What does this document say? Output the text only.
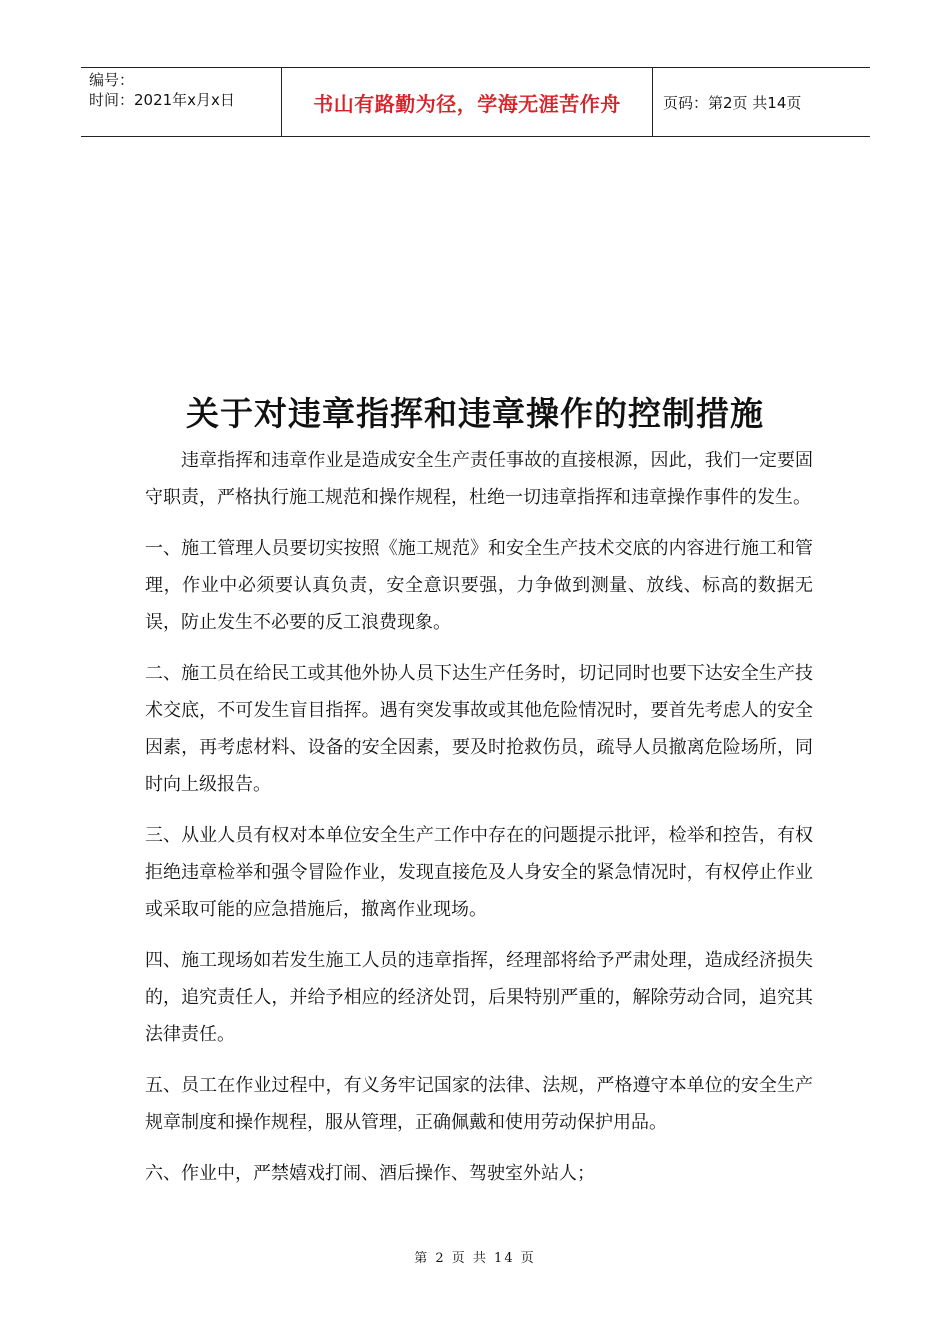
编号：
时间：2021年x月x日	书山有路勤为径，学海无涯苦作舟	页码：第2页 共14页
关于对违章指挥和违章操作的控制措施

违章指挥和违章作业是造成安全生产责任事故的直接根源，因此，我们一定要固守职责，严格执行施工规范和操作规程，杜绝一切违章指挥和违章操作事件的发生。

一、施工管理人员要切实按照《施工规范》和安全生产技术交底的内容进行施工和管理，作业中必须要认真负责，安全意识要强，力争做到测量、放线、标高的数据无误，防止发生不必要的反工浪费现象。

二、施工员在给民工或其他外协人员下达生产任务时，切记同时也要下达安全生产技术交底，不可发生盲目指挥。遇有突发事故或其他危险情况时，要首先考虑人的安全因素，再考虑材料、设备的安全因素，要及时抢救伤员，疏导人员撤离危险场所，同时向上级报告。

三、从业人员有权对本单位安全生产工作中存在的问题提示批评，检举和控告，有权拒绝违章检举和强令冒险作业，发现直接危及人身安全的紧急情况时，有权停止作业或采取可能的应急措施后，撤离作业现场。

四、施工现场如若发生施工人员的违章指挥，经理部将给予严肃处理，造成经济损失的，追究责任人，并给予相应的经济处罚，后果特别严重的，解除劳动合同，追究其法律责任。

五、员工在作业过程中，有义务牢记国家的法律、法规，严格遵守本单位的安全生产规章制度和操作规程，服从管理，正确佩戴和使用劳动保护用品。

六、作业中，严禁嬉戏打闹、酒后操作、驾驶室外站人；

第 2 页 共 14 页
